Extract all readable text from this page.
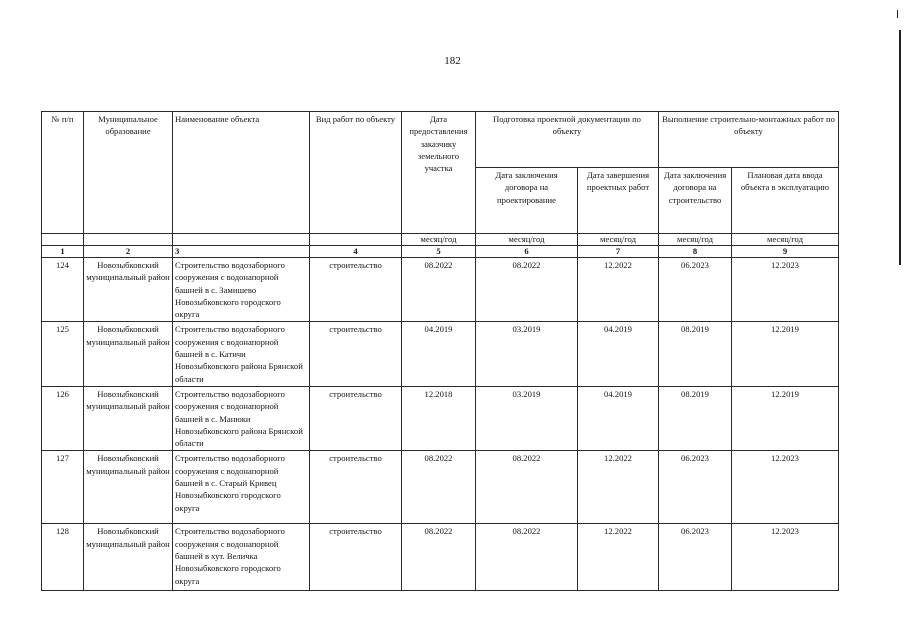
182
№ п/п	Муниципальное образование	Наименование объекта	Вид работ по объекту	Дата предоставления заказчику земельного участка	Подготовка проектной документации по объекту		Выполнение строительно-монтажных работ по объекту	
					Дата заключения договора на проектирование	Дата завершения проектных работ	Дата заключения договора на строительство	Плановая дата ввода объекта в эксплуатацию
				месяц/год	месяц/год	месяц/год	месяц/год	месяц/год
1	2	3	4	5	6	7	8	9
124	Новозыбковский муниципальный район	Строительство водозаборного сооружения с водонапорной башней в с. Замишево Новозыбковского городского округа	строительство	08.2022	08.2022	12.2022	06.2023	12.2023
125	Новозыбковский муниципальный район	Строительство водозаборного сооружения с водонапорной башней в с. Катичи Новозыбковского района Брянской области	строительство	04.2019	03.2019	04.2019	08.2019	12.2019
126	Новозыбковский муниципальный район	Строительство водозаборного сооружения с водонапорной башней в с. Манюки Новозыбковского района Брянской области	строительство	12.2018	03.2019	04.2019	08.2019	12.2019
127	Новозыбковский муниципальный район	Строительство водозаборного сооружения с водонапорной башней в с. Старый Кривец Новозыбковского городского округа	строительство	08.2022	08.2022	12.2022	06.2023	12.2023
128	Новозыбковский муниципальный район	Строительство водозаборного сооружения с водонапорной башней в хут. Величка Новозыбковского городского округа	строительство	08.2022	08.2022	12.2022	06.2023	12.2023
